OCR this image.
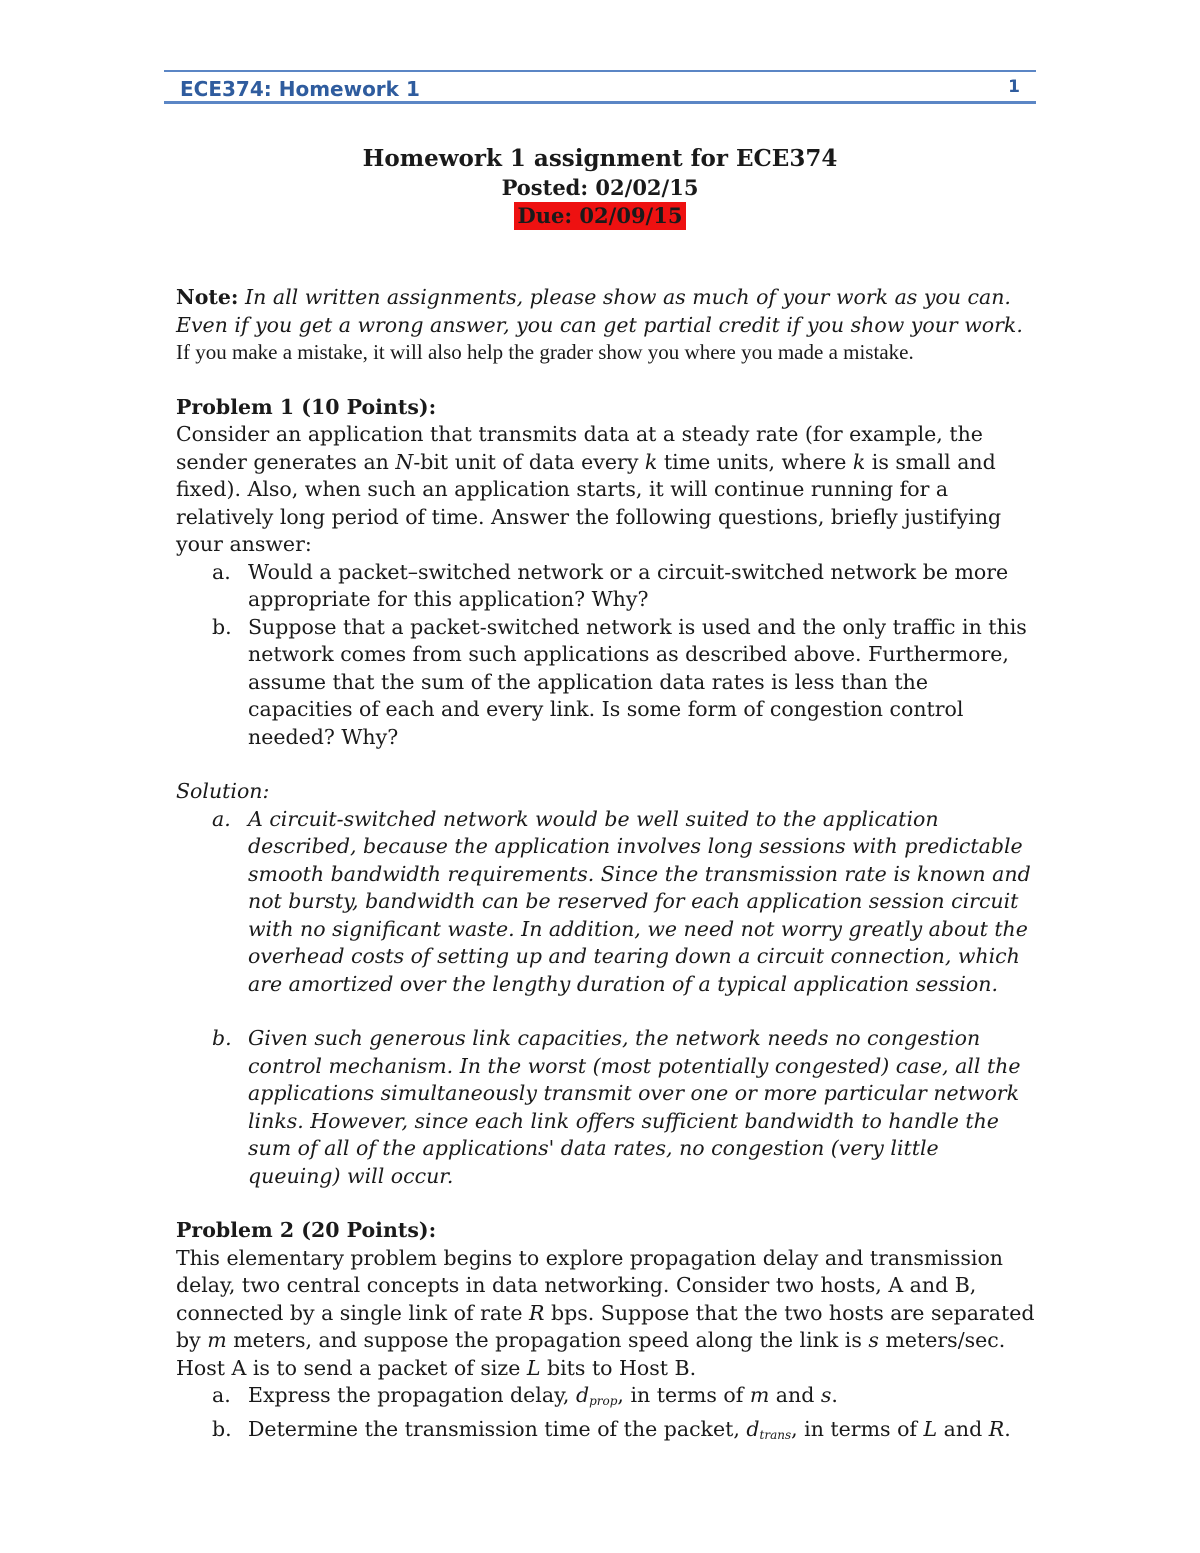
ECE374: Homework 1	1
Homework 1 assignment for ECE374
Posted: 02/02/15
Due: 02/09/15

Note: In all written assignments, please show as much of your work as you can. Even if you get a wrong answer, you can get partial credit if you show your work. If you make a mistake, it will also help the grader show you where you made a mistake.

Problem 1 (10 Points):

Consider an application that transmits data at a steady rate (for example, the sender generates an N-bit unit of data every k time units, where k is small and fixed). Also, when such an application starts, it will continue running for a relatively long period of time. Answer the following questions, briefly justifying your answer:

a. Would a packet–switched network or a circuit-switched network be more appropriate for this application? Why?
b. Suppose that a packet-switched network is used and the only traffic in this network comes from such applications as described above. Furthermore, assume that the sum of the application data rates is less than the capacities of each and every link. Is some form of congestion control needed? Why?

Solution:

a. A circuit-switched network would be well suited to the application described, because the application involves long sessions with predictable smooth bandwidth requirements. Since the transmission rate is known and not bursty, bandwidth can be reserved for each application session circuit with no significant waste. In addition, we need not worry greatly about the overhead costs of setting up and tearing down a circuit connection, which are amortized over the lengthy duration of a typical application session.
b. Given such generous link capacities, the network needs no congestion control mechanism. In the worst (most potentially congested) case, all the applications simultaneously transmit over one or more particular network links. However, since each link offers sufficient bandwidth to handle the sum of all of the applications' data rates, no congestion (very little queuing) will occur.

Problem 2 (20 Points):

This elementary problem begins to explore propagation delay and transmission delay, two central concepts in data networking. Consider two hosts, A and B, connected by a single link of rate R bps. Suppose that the two hosts are separated by m meters, and suppose the propagation speed along the link is s meters/sec. Host A is to send a packet of size L bits to Host B.

a. Express the propagation delay, $d_{prop}$, in terms of m and s.
b. Determine the transmission time of the packet, $d_{trans}$, in terms of L and R.
